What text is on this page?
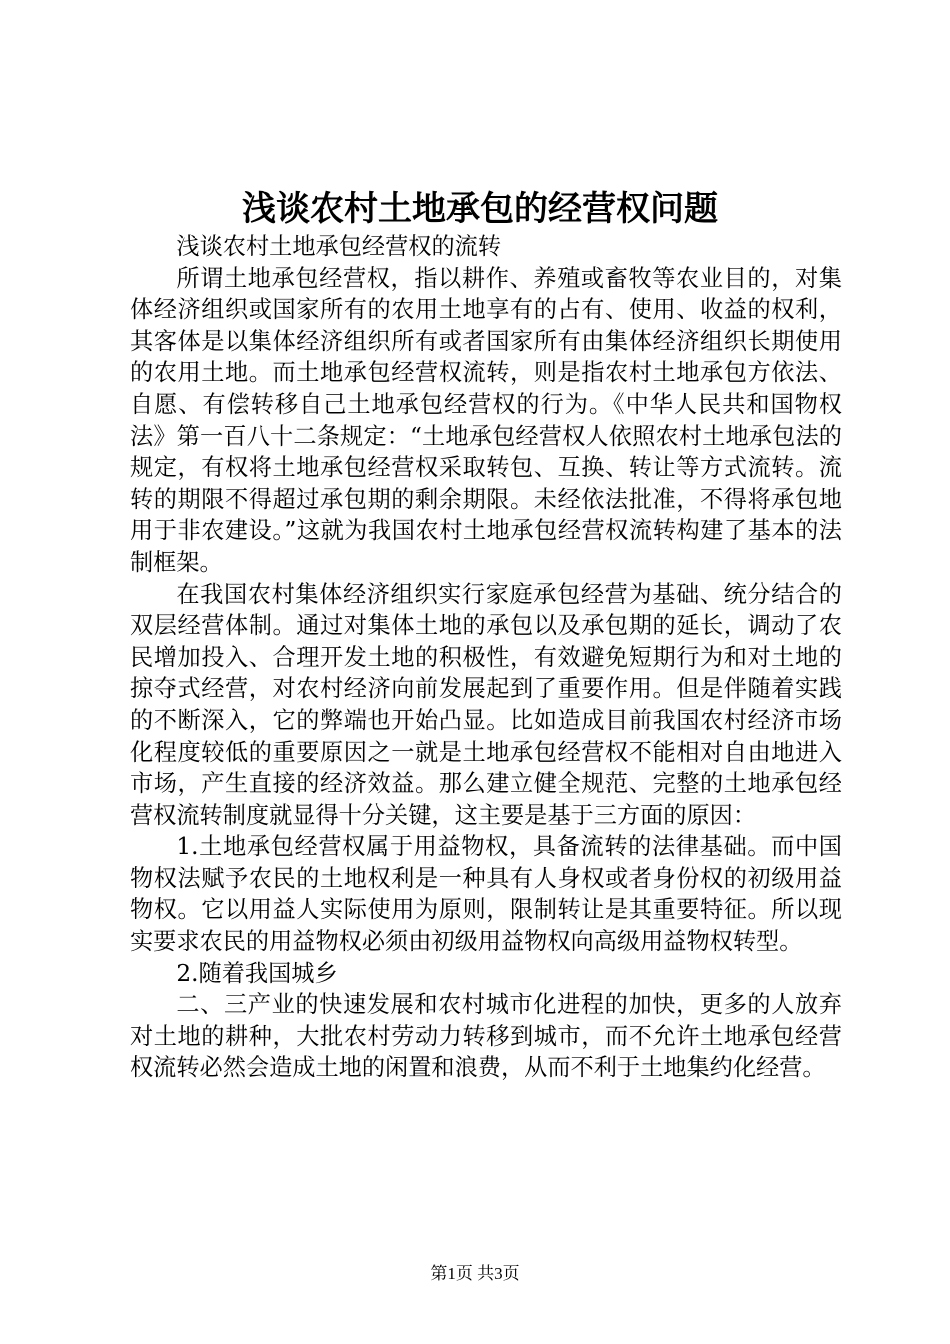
浅谈农村土地承包的经营权问题

浅谈农村土地承包经营权的流转

所谓土地承包经营权，指以耕作、养殖或畜牧等农业目的，对集体经济组织或国家所有的农用土地享有的占有、使用、收益的权利，其客体是以集体经济组织所有或者国家所有由集体经济组织长期使用的农用土地。而土地承包经营权流转，则是指农村土地承包方依法、自愿、有偿转移自己土地承包经营权的行为。《中华人民共和国物权法》第一百八十二条规定：“土地承包经营权人依照农村土地承包法的规定，有权将土地承包经营权采取转包、互换、转让等方式流转。流转的期限不得超过承包期的剩余期限。未经依法批准，不得将承包地用于非农建设。”这就为我国农村土地承包经营权流转构建了基本的法制框架。

在我国农村集体经济组织实行家庭承包经营为基础、统分结合的双层经营体制。通过对集体土地的承包以及承包期的延长，调动了农民增加投入、合理开发土地的积极性，有效避免短期行为和对土地的掠夺式经营，对农村经济向前发展起到了重要作用。但是伴随着实践的不断深入，它的弊端也开始凸显。比如造成目前我国农村经济市场化程度较低的重要原因之一就是土地承包经营权不能相对自由地进入市场，产生直接的经济效益。那么建立健全规范、完整的土地承包经营权流转制度就显得十分关键，这主要是基于三方面的原因：

1.土地承包经营权属于用益物权，具备流转的法律基础。而中国物权法赋予农民的土地权利是一种具有人身权或者身份权的初级用益物权。它以用益人实际使用为原则，限制转让是其重要特征。所以现实要求农民的用益物权必须由初级用益物权向高级用益物权转型。

2.随着我国城乡

二、三产业的快速发展和农村城市化进程的加快，更多的人放弃对土地的耕种，大批农村劳动力转移到城市，而不允许土地承包经营权流转必然会造成土地的闲置和浪费，从而不利于土地集约化经营。

第1页 共3页
